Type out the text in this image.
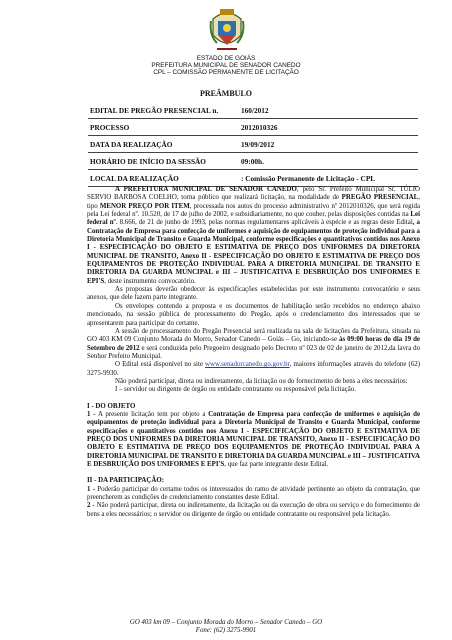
ESTADO DE GOIÁS
PREFEITURA MUNICIPAL DE SENADOR CANEDO
CPL – COMISSÃO PERMANENTE DE LICITAÇÃO
PREÂMBULO
EDITAL DE PREGÃO PRESENCIAL n.	160/2012
PROCESSO	2012010326
DATA DA REALIZAÇÃO	19/09/2012
HORÁRIO DE INÍCIO DA SESSÃO	09:00h.
LOCAL DA REALIZAÇÃO	: Comissão Permanente de Licitação - CPL

A PREFEITURA MUNICIPAL DE SENADOR CANEDO, pelo Sr. Prefeito Municipal Sr. TÚLIO SERVIO BARBOSA COELHO, torna público que realizará licitação, na modalidade de PREGÃO PRESENCIAL, tipo MENOR PREÇO POR ITEM, processada nos autos do processo administrativo nº 2012010326, que será regida pela Lei federal nº. 10.520, de 17 de julho de 2002, e subsidiariamente, no que couber, pelas disposições contidas na Lei federal nº. 8.666, de 21 de junho de 1993, pelas normas regulamentares aplicáveis à espécie e as regras deste Edital, a Contratação de Empresa para confecção de uniformes e aquisição de equipamentos de proteção individual para a Diretoria Municipal de Transito e Guarda Municipal, conforme especificações e quantitativos contidos nos Anexo I - ESPECIFICAÇÃO DO OBJETO E ESTIMATIVA DE PREÇO DOS UNIFORMES DA DIRETORIA MUNICIPAL DE TRANSITO, Anexo II - ESPECIFICAÇÃO DO OBJETO E ESTIMATIVA DE PREÇO DOS EQUIPAMENTOS DE PROTEÇÃO INDIVIDUAL PARA A DIRETORIA MUNICIPAL DE TRANSITO E DIRETORIA DA GUARDA MUNCIPAL e III – JUSTIFICATIVA E DESBRUIÇÃO DOS UNIFORMES E EPI'S, deste instrumento convocatório.

As propostas deverão obedecer às especificações estabelecidas por este instrumento convocatório e seus anexos, que dele fazem parte integrante.

Os envelopes contendo a proposta e os documentos de habilitação serão recebidos no endereço abaixo mencionado, na sessão pública de processamento do Pregão, após o credenciamento dos interessados que se apresentarem para participar do certame.

A sessão de processamento do Pregão Presencial será realizada na sala de licitações da Prefeitura, situada na GO 403 KM 09 Conjunto Morada do Morro, Senador Canedo – Goiás – Go, iniciando-se às 09:00 horas do dia 19 de Setembro de 2012 e será conduzida pelo Pregoeiro designado pelo Decreto nº 023 de 02 de janeiro de 2012,da lavra do Senhor Prefeito Municipal.

O Edital está disponível no site www.senadorcanedo.go.gov.br, maiores informações através do telefone (62) 3275-9930.

Não poderá participar, direta ou indiretamente, da licitação ou do fornecimento de bens a eles necessários:

I – servidor ou dirigente de órgão ou entidade contratante ou responsável pela licitação.

I - DO OBJETO

1 - A presente licitação tem por objeto a Contratação de Empresa para confecção de uniformes e aquisição de equipamentos de proteção individual para a Diretoria Municipal de Transito e Guarda Municipal, conforme especificações e quantitativos contidos nos Anexo I - ESPECIFICAÇÃO DO OBJETO E ESTIMATIVA DE PREÇO DOS UNIFORMES DA DIRETORIA MUNICIPAL DE TRANSITO, Anexo II - ESPECIFICAÇÃO DO OBJETO E ESTIMATIVA DE PREÇO DOS EQUIPAMENTOS DE PROTEÇÃO INDIVIDUAL PARA A DIRETORIA MUNICIPAL DE TRANSITO E DIRETORIA DA GUARDA MUNCIPAL e III – JUSTIFICATIVA E DESBRUIÇÃO DOS UNIFORMES E EPI'S, que faz parte integrante deste Edital.

II - DA PARTICIPAÇÃO:

1 - Poderão participar do certame todos os interessados do ramo de atividade pertinente ao objeto da contratação, que preencherem as condições de credenciamento constantes deste Edital.

2 - Não poderá participar, direta ou indiretamente, da licitação ou da execução de obra ou serviço e do fornecimento de bens a eles necessários; o servidor ou dirigente de órgão ou entidade contratante ou responsável pela licitação.

GO 403 km 09 – Conjunto Morada do Morro – Senador Canedo – GO
Fone: (62) 3275-9901
